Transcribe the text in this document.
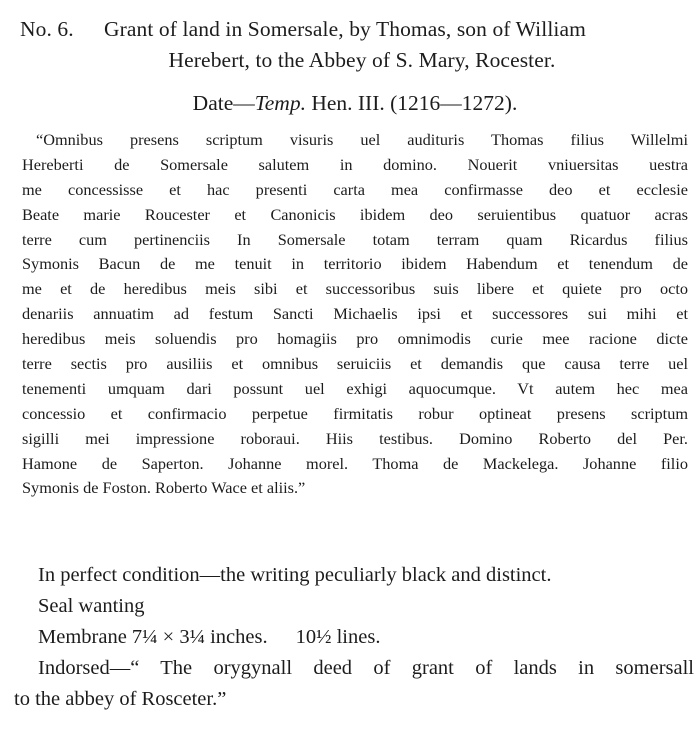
No. 6. Grant of land in Somersale, by Thomas, son of William
Herebert, to the Abbey of S. Mary, Rocester.
Date—Temp. Hen. III. (1216—1272).
“Omnibus presens scriptum visuris uel audituris Thomas filius Willelmi
Hereberti de Somersale salutem in domino. Nouerit vniuersitas uestra
me concessisse et hac presenti carta mea confirmasse deo et ecclesie
Beate marie Roucester et Canonicis ibidem deo seruientibus quatuor acras
terre cum pertinenciis In Somersale totam terram quam Ricardus filius
Symonis Bacun de me tenuit in territorio ibidem Habendum et tenendum de
me et de heredibus meis sibi et successoribus suis libere et quiete pro octo
denariis annuatim ad festum Sancti Michaelis ipsi et successores sui mihi et
heredibus meis soluendis pro homagiis pro omnimodis curie mee racione dicte
terre sectis pro ausiliis et omnibus seruiciis et demandis que causa terre uel
tenementi umquam dari possunt uel exhigi aquocumque. Vt autem hec mea
concessio et confirmacio perpetue firmitatis robur optineat presens scriptum
sigilli mei impressione roboraui. Hiis testibus. Domino Roberto del Per.
Hamone de Saperton. Johanne morel. Thoma de Mackelega. Johanne filio
Symonis de Foston. Roberto Wace et aliis.”
In perfect condition—the writing peculiarly black and distinct.
Seal wanting
Membrane 7¼ × 3¼ inches. 10½ lines.
Indorsed—“ The orygynall deed of grant of lands in somersall
to the abbey of Rosceter.”
